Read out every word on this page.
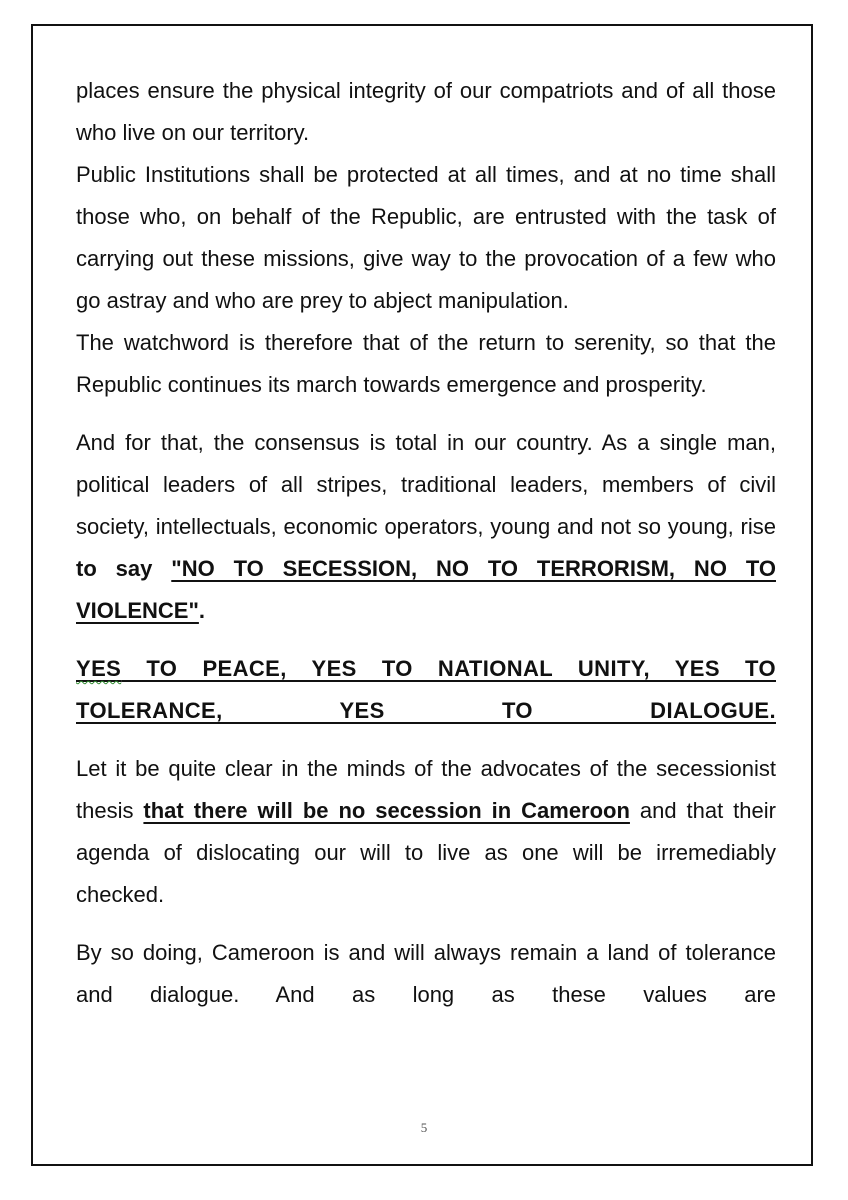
places ensure the physical integrity of our compatriots and of all those who live on our territory.

Public Institutions shall be protected at all times, and at no time shall those who, on behalf of the Republic, are entrusted with the task of carrying out these missions, give way to the provocation of a few who go astray and who are prey to abject manipulation.

The watchword is therefore that of the return to serenity, so that the Republic continues its march towards emergence and prosperity.

And for that, the consensus is total in our country. As a single man, political leaders of all stripes, traditional leaders, members of civil society, intellectuals, economic operators, young and not so young, rise to say "NO TO SECESSION, NO TO TERRORISM, NO TO VIOLENCE".

YES TO PEACE, YES TO NATIONAL UNITY, YES TO TOLERANCE, YES TO DIALOGUE.

Let it be quite clear in the minds of the advocates of the secessionist thesis that there will be no secession in Cameroon and that their agenda of dislocating our will to live as one will be irremediably checked.

By so doing, Cameroon is and will always remain a land of tolerance and dialogue. And as long as these values are

5
